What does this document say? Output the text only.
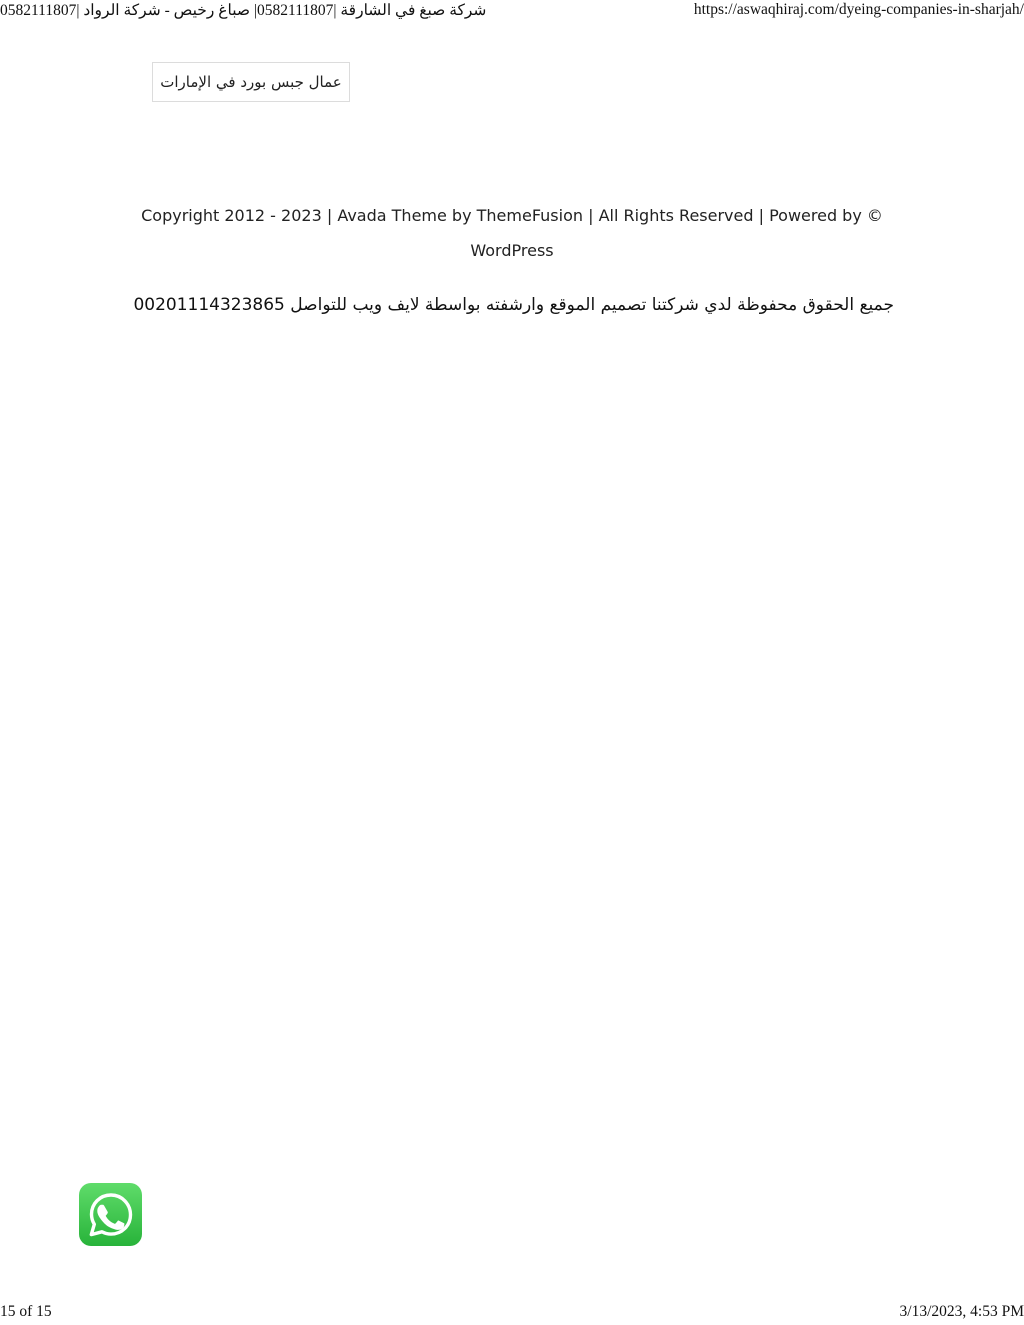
شركة صبغ في الشارقة |0582111807| صباغ رخيص - شركة الرواد |0582111807	https://aswaqhiraj.com/dyeing-companies-in-sharjah/
عمال جبس بورد في الإمارات
Copyright 2012 - 2023 | Avada Theme by ThemeFusion | All Rights Reserved | Powered by ©
WordPress
جميع الحقوق محفوظة لدي شركتنا تصميم الموقع وارشفته بواسطة لايف ويب للتواصل 00201114323865
15 of 15	3/13/2023, 4:53 PM
